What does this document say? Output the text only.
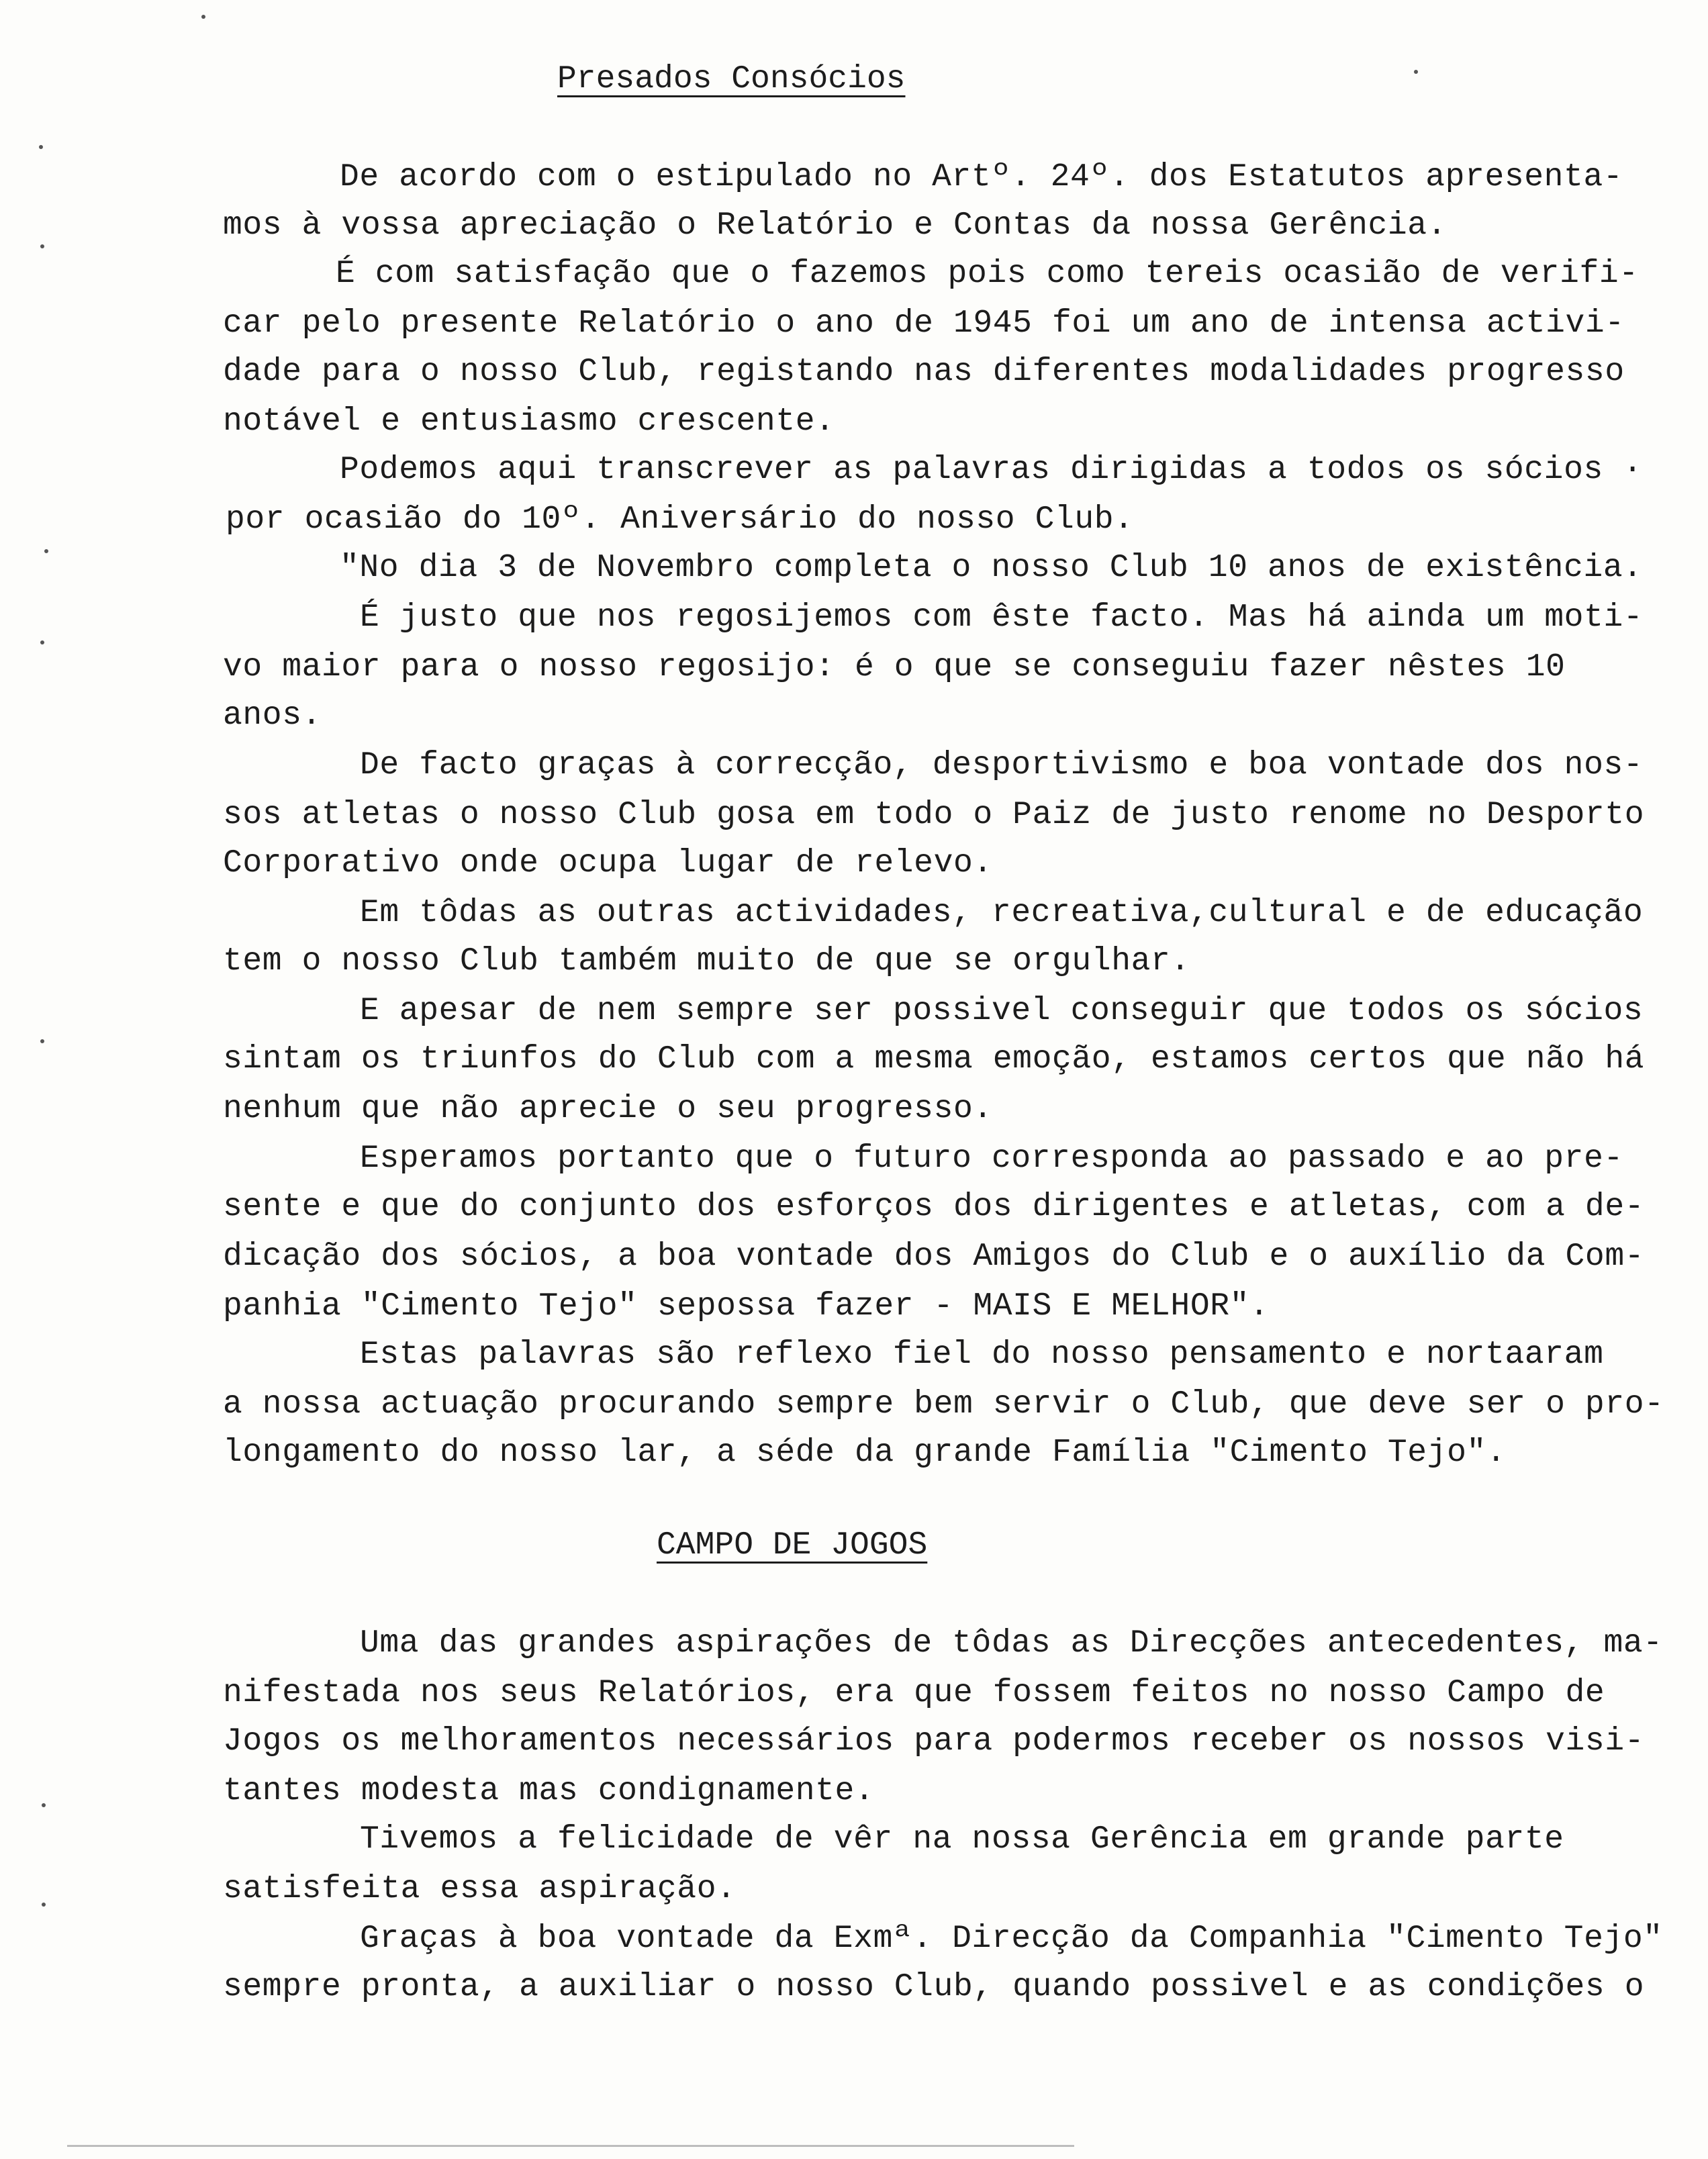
Presados Consócios
De acordo com o estipulado no Artº. 24º. dos Estatutos apresenta-
mos à vossa apreciação o Relatório e Contas da nossa Gerência.
É com satisfação que o fazemos pois como tereis ocasião de verifi-
car pelo presente Relatório o ano de 1945 foi um ano de intensa activi-
dade para o nosso Club, registando nas diferentes modalidades progresso
notável e entusiasmo crescente.
Podemos aqui transcrever as palavras dirigidas a todos os sócios ·
por ocasião do 10º. Aniversário do nosso Club.
"No dia 3 de Novembro completa o nosso Club 10 anos de existência.
É justo que nos regosijemos com êste facto. Mas há ainda um moti-
vo maior para o nosso regosijo: é o que se conseguiu fazer nêstes 10
anos.
De facto graças à correcção, desportivismo e boa vontade dos nos-
sos atletas o nosso Club gosa em todo o Paiz de justo renome no Desporto
Corporativo onde ocupa lugar de relevo.
Em tôdas as outras actividades, recreativa,cultural e de educação
tem o nosso Club também muito de que se orgulhar.
E apesar de nem sempre ser possivel conseguir que todos os sócios
sintam os triunfos do Club com a mesma emoção, estamos certos que não há
nenhum que não aprecie o seu progresso.
Esperamos portanto que o futuro corresponda ao passado e ao pre-
sente e que do conjunto dos esforços dos dirigentes e atletas, com a de-
dicação dos sócios, a boa vontade dos Amigos do Club e o auxílio da Com-
panhia "Cimento Tejo" sepossa fazer - MAIS E MELHOR".
Estas palavras são reflexo fiel do nosso pensamento e nortaaram
a nossa actuação procurando sempre bem servir o Club, que deve ser o pro-
longamento do nosso lar, a séde da grande Família "Cimento Tejo".
CAMPO DE JOGOS
Uma das grandes aspirações de tôdas as Direcções antecedentes, ma-
nifestada nos seus Relatórios, era que fossem feitos no nosso Campo de
Jogos os melhoramentos necessários para podermos receber os nossos visi-
tantes modesta mas condignamente.
Tivemos a felicidade de vêr na nossa Gerência em grande parte
satisfeita essa aspiração.
Graças à boa vontade da Exmª. Direcção da Companhia "Cimento Tejo"
sempre pronta, a auxiliar o nosso Club, quando possivel e as condições o
